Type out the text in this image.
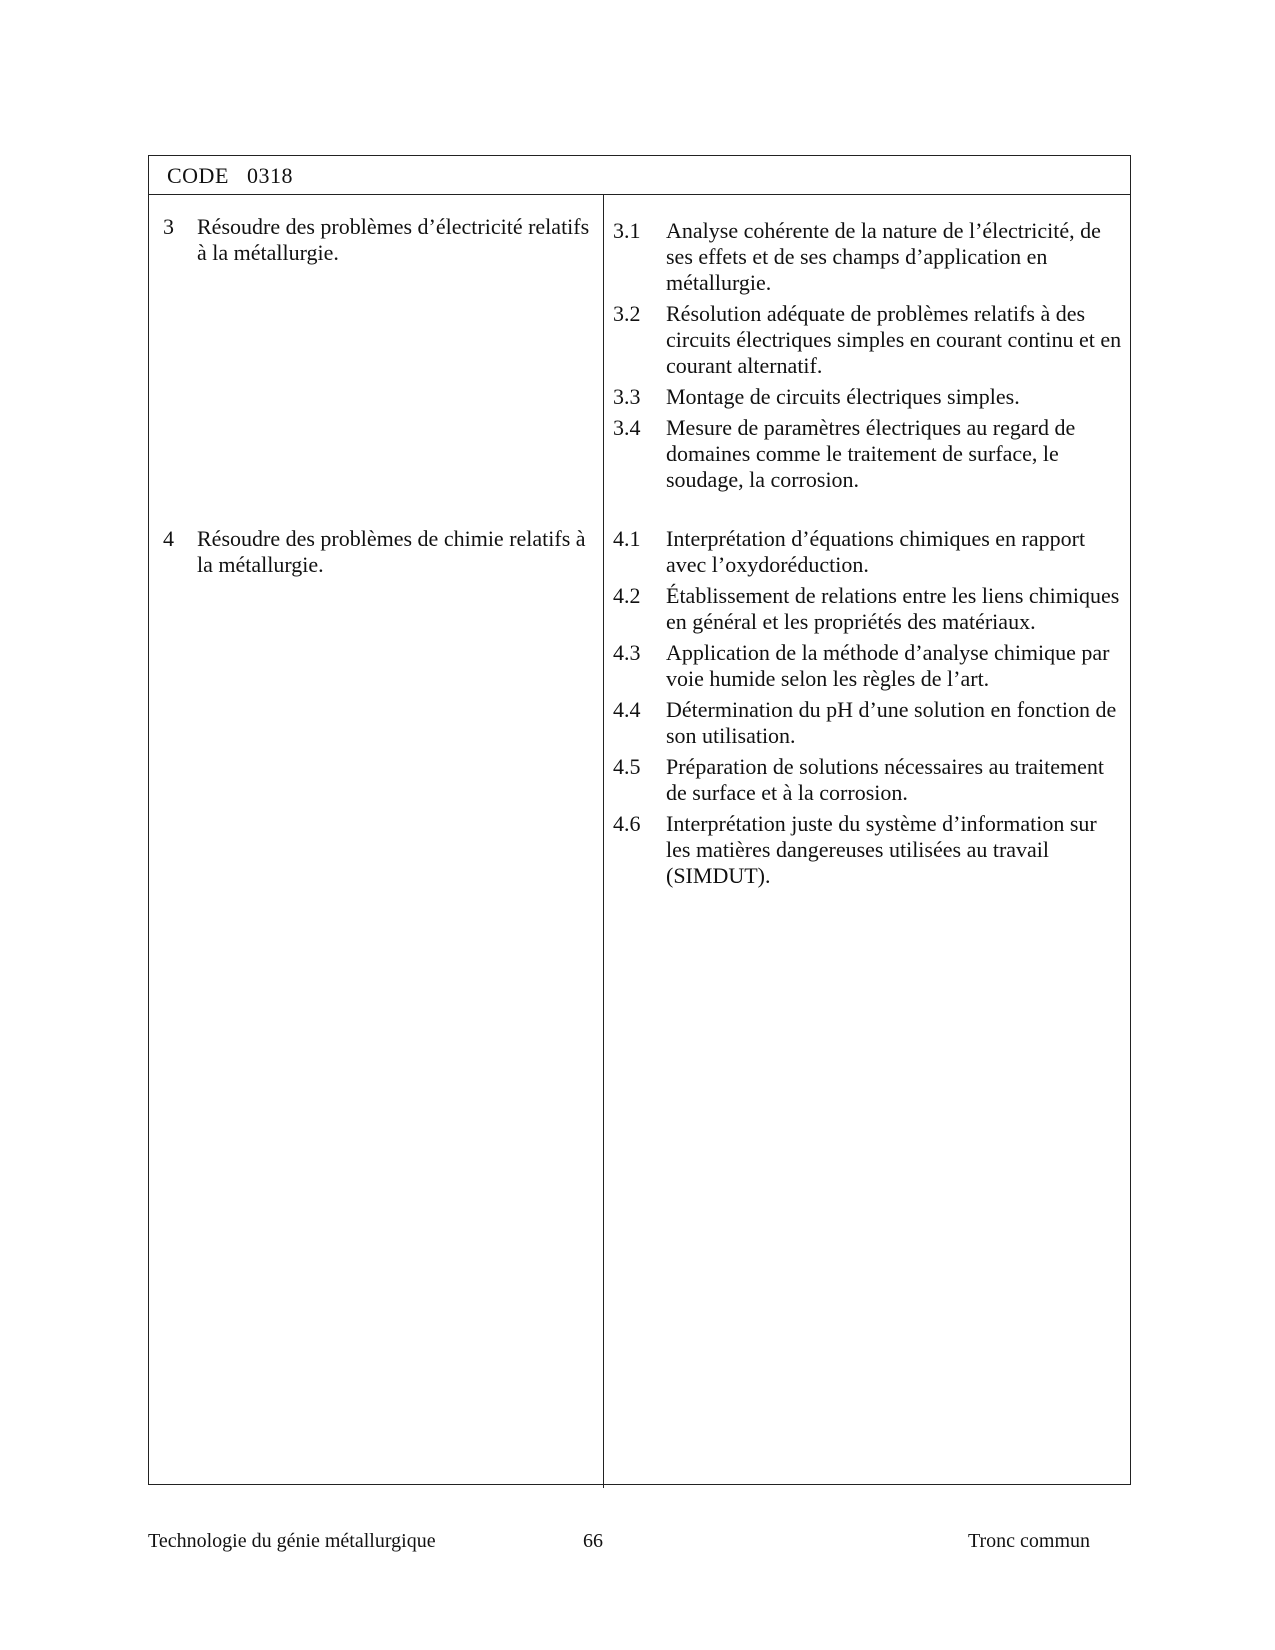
CODE 0318
3 Résoudre des problèmes d’électricité relatifs à la métallurgie.
3.1 Analyse cohérente de la nature de l’électricité, de ses effets et de ses champs d’application en métallurgie.
3.2 Résolution adéquate de problèmes relatifs à des circuits électriques simples en courant continu et en courant alternatif.
3.3 Montage de circuits électriques simples.
3.4 Mesure de paramètres électriques au regard de domaines comme le traitement de surface, le soudage, la corrosion.
4 Résoudre des problèmes de chimie relatifs à la métallurgie.
4.1 Interprétation d’équations chimiques en rapport avec l’oxydoréduction.
4.2 Établissement de relations entre les liens chimiques en général et les propriétés des matériaux.
4.3 Application de la méthode d’analyse chimique par voie humide selon les règles de l’art.
4.4 Détermination du pH d’une solution en fonction de son utilisation.
4.5 Préparation de solutions nécessaires au traitement de surface et à la corrosion.
4.6 Interprétation juste du système d’information sur les matières dangereuses utilisées au travail (SIMDUT).
Technologie du génie métallurgique	66	Tronc commun
